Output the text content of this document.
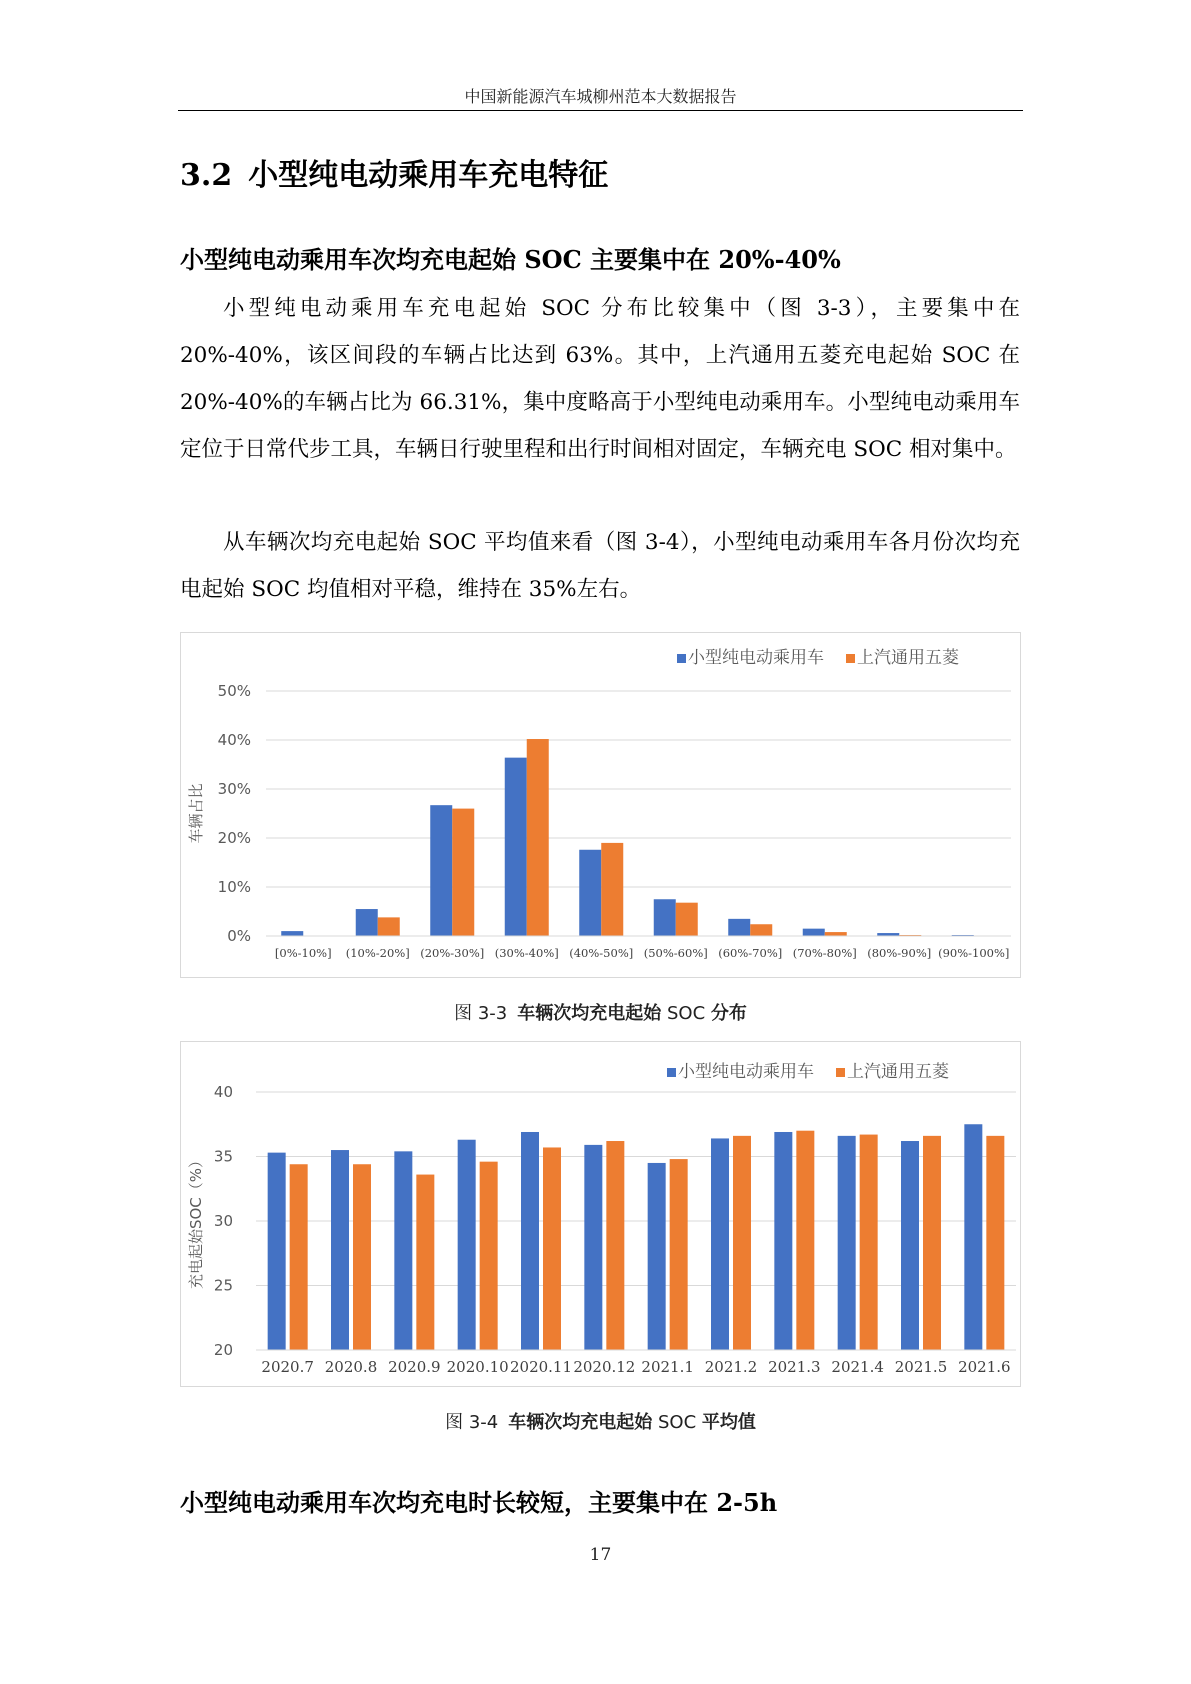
中国新能源汽车城柳州范本大数据报告
3.2 小型纯电动乘用车充电特征
小型纯电动乘用车次均充电起始 SOC 主要集中在 20%-40%
小型纯电动乘用车充电起始 SOC 分布比较集中（图 3-3），主要集中在 20%-40%，该区间段的车辆占比达到 63%。其中，上汽通用五菱充电起始 SOC 在 20%-40%的车辆占比为 66.31%，集中度略高于小型纯电动乘用车。小型纯电动乘用车定位于日常代步工具，车辆日行驶里程和出行时间相对固定，车辆充电 SOC 相对集中。
从车辆次均充电起始 SOC 平均值来看（图 3-4），小型纯电动乘用车各月份次均充电起始 SOC 均值相对平稳，维持在 35%左右。
0%
10%
20%
30%
40%
50%
车辆占比
[0%-10%] (10%-20%] (20%-30%] (30%-40%] (40%-50%] (50%-60%] (60%-70%] (70%-80%] (80%-90%] (90%-100%]
小型纯电动乘用车 上汽通用五菱
图 3-3 车辆次均充电起始 SOC 分布
20
25
30
35
40
充电起始SOC（%）
2020.7 2020.8 2020.9 2020.10 2020.11 2020.12 2021.1 2021.2 2021.3 2021.4 2021.5 2021.6
小型纯电动乘用车 上汽通用五菱
图 3-4 车辆次均充电起始 SOC 平均值
小型纯电动乘用车次均充电时长较短，主要集中在 2-5h
17
